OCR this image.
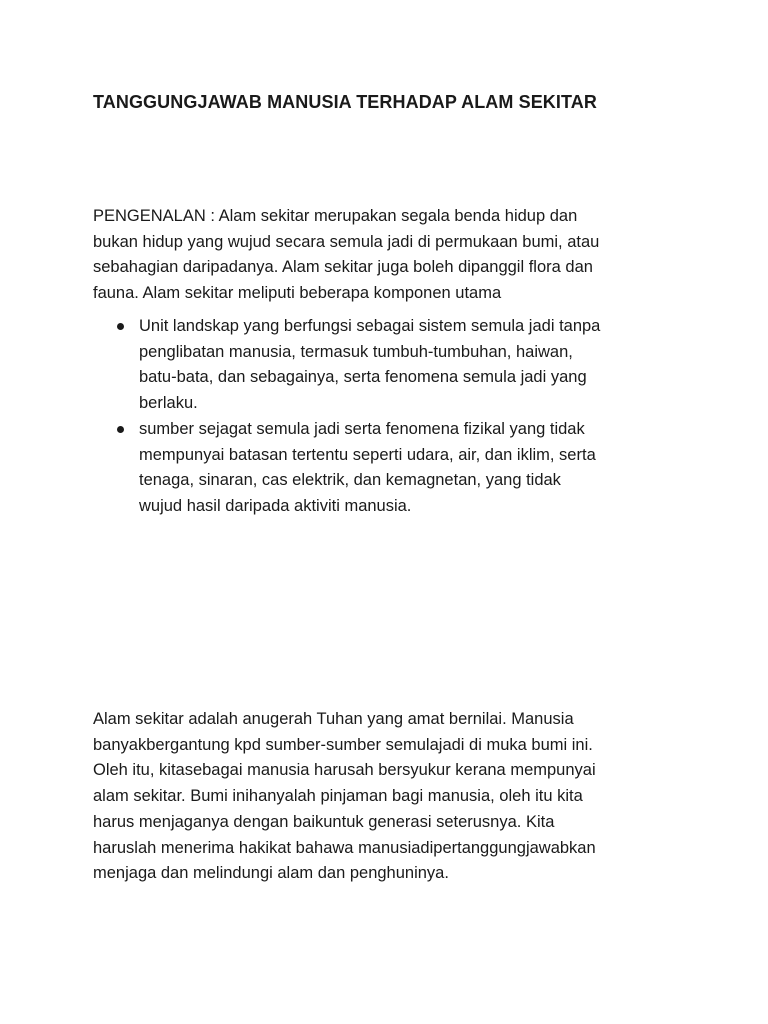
TANGGUNGJAWAB MANUSIA TERHADAP ALAM SEKITAR

PENGENALAN : Alam sekitar merupakan segala benda hidup dan
bukan hidup yang wujud secara semula jadi di permukaan bumi, atau
sebahagian daripadanya. Alam sekitar juga boleh dipanggil flora dan
fauna. Alam sekitar meliputi beberapa komponen utama

Unit landskap yang berfungsi sebagai sistem semula jadi tanpa
penglibatan manusia, termasuk tumbuh-tumbuhan, haiwan,
batu-bata, dan sebagainya, serta fenomena semula jadi yang
berlaku.
sumber sejagat semula jadi serta fenomena fizikal yang tidak
mempunyai batasan tertentu seperti udara, air, dan iklim, serta
tenaga, sinaran, cas elektrik, dan kemagnetan, yang tidak
wujud hasil daripada aktiviti manusia.

Alam sekitar adalah anugerah Tuhan yang amat bernilai. Manusia
banyakbergantung kpd sumber-sumber semulajadi di muka bumi ini.
Oleh itu, kitasebagai manusia harusah bersyukur kerana mempunyai
alam sekitar. Bumi inihanyalah pinjaman bagi manusia, oleh itu kita
harus menjaganya dengan baikuntuk generasi seterusnya. Kita
haruslah menerima hakikat bahawa manusiadipertanggungjawabkan
menjaga dan melindungi alam dan penghuninya.
